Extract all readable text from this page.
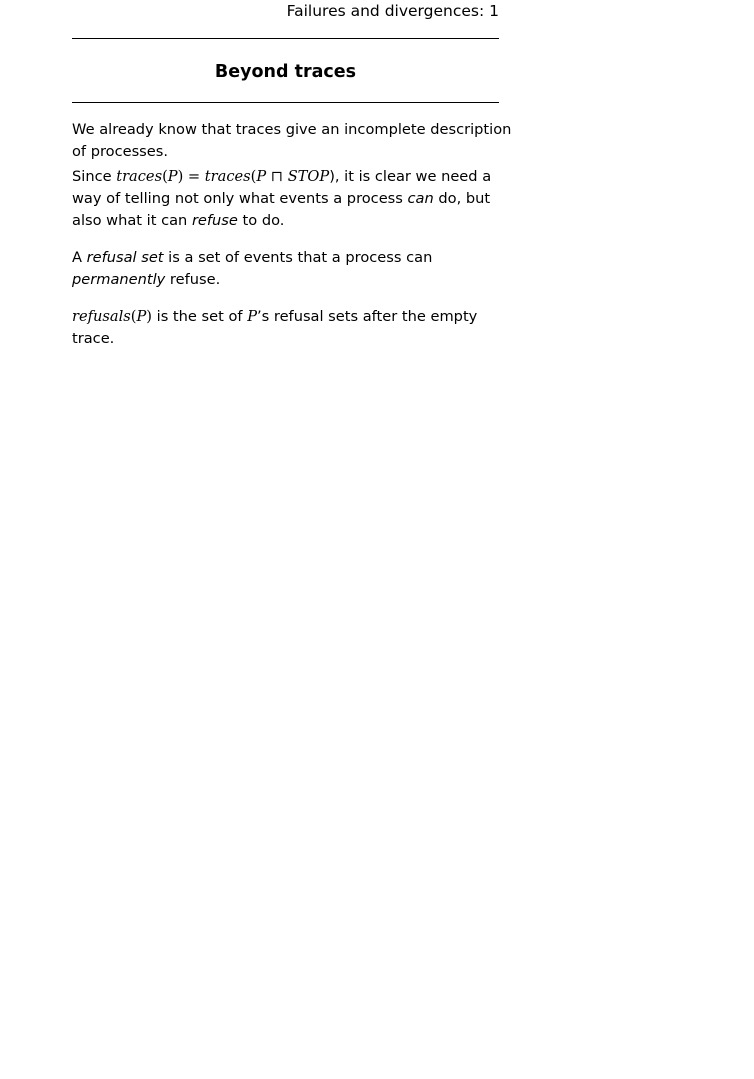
Failures and divergences: 1
Beyond traces

We already know that traces give an incomplete description

of processes.

Since traces(P) = traces(P ⊓ STOP), it is clear we need a

way of telling not only what events a process can do, but

also what it can refuse to do.

A refusal set is a set of events that a process can

permanently refuse.

refusals(P) is the set of P’s refusal sets after the empty

trace.
